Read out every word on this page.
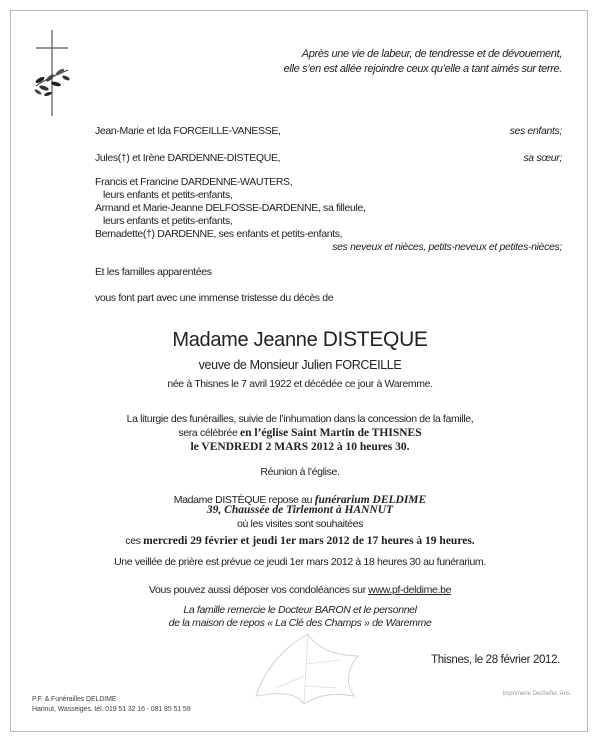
Après une vie de labeur, de tendresse et de dévouement,
elle s’en est allée rejoindre ceux qu’elle a tant aimés sur terre.
Jean-Marie et Ida FORCEILLE-VANESSE,	ses enfants;
Jules(†) et Irène DARDENNE-DISTEQUE,	sa sœur;
Francis et Francine DARDENNE-WAUTERS,
leurs enfants et petits-enfants,
Armand et Marie-Jeanne DELFOSSE-DARDENNE, sa filleule,
leurs enfants et petits-enfants,
Bernadette(†) DARDENNE, ses enfants et petits-enfants,
ses neveux et nièces, petits-neveux et petites-nièces;
Et les familles apparentées
vous font part avec une immense tristesse du décès de
Madame Jeanne DISTEQUE
veuve de Monsieur Julien FORCEILLE
née à Thisnes le 7 avril 1922 et décédée ce jour à Waremme.
La liturgie des funérailles, suivie de l’inhumation dans la concession de la famille,
sera célébrée en l’église Saint Martin de THISNES
le VENDREDI 2 MARS 2012 à 10 heures 30.
Réunion à l’église.
Madame DISTÈQUE repose au funérarium DELDIME
39, Chaussée de Tirlemont à HANNUT
où les visites sont souhaitées
ces mercredi 29 février et jeudi 1er mars 2012 de 17 heures à 19 heures.
Une veillée de prière est prévue ce jeudi 1er mars 2012 à 18 heures 30 au funérarium.
Vous pouvez aussi déposer vos condoléances sur www.pf-deldime.be
La famille remercie le Docteur BARON et le personnel
de la maison de repos « La Clé des Champs » de Waremme
Thisnes, le 28 février 2012.
P.F. & Funérailles DELDIME
Hannut, Wasseiges. tél. 019 51 32 16 - 081 85 51 59
Imprimerie Dechefer, Ans
